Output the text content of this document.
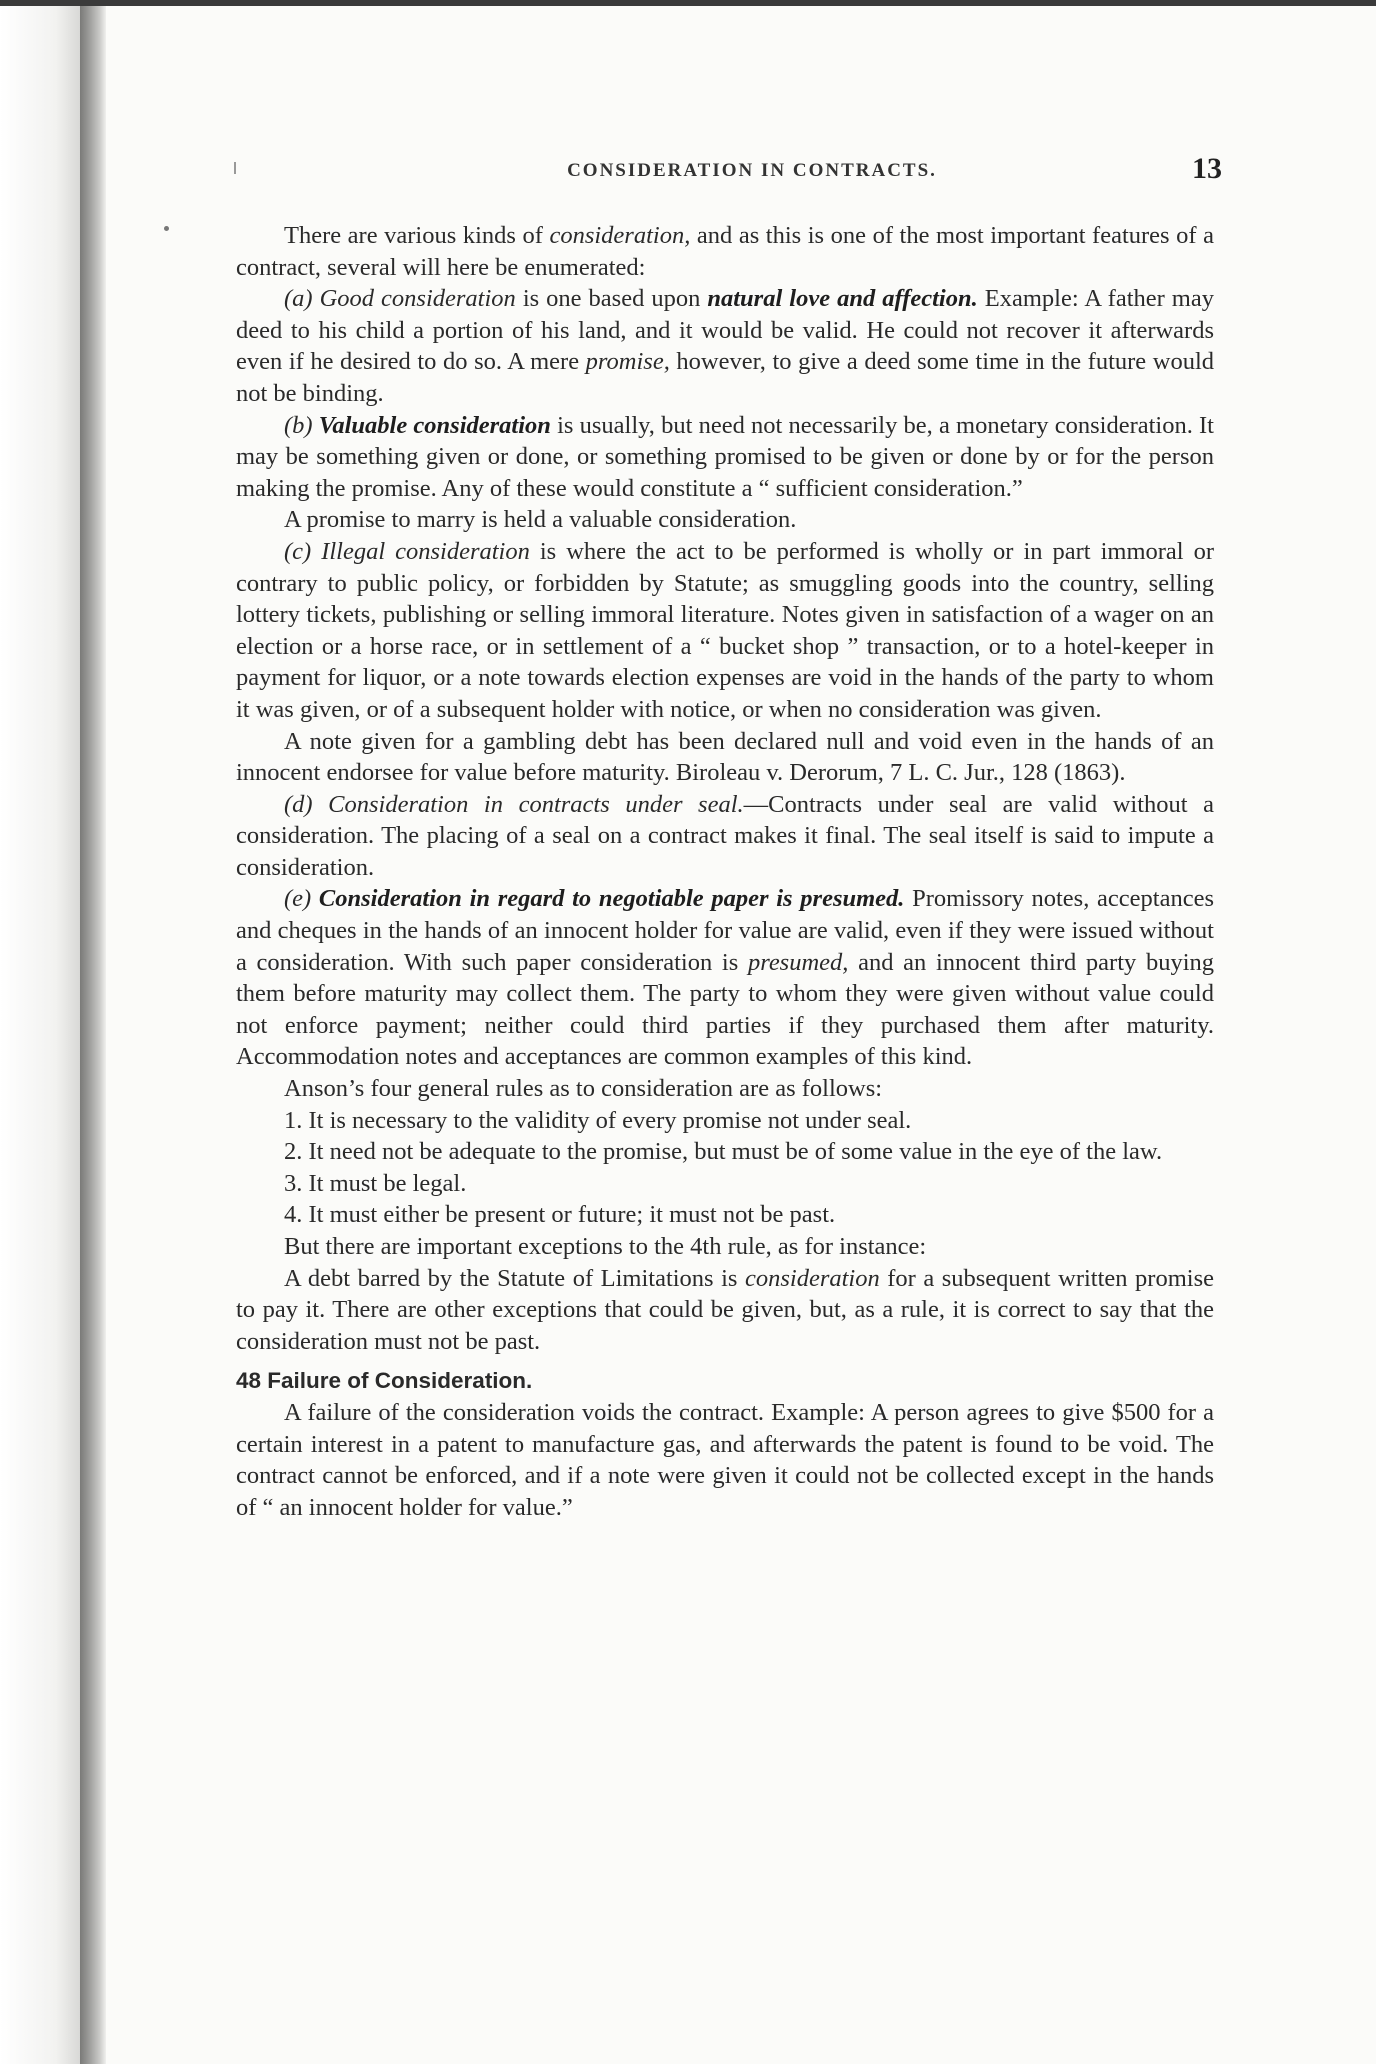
CONSIDERATION IN CONTRACTS.	13

There are various kinds of consideration, and as this is one of the most important features of a contract, several will here be enumerated:

(a) Good consideration is one based upon natural love and affection. Example: A father may deed to his child a portion of his land, and it would be valid. He could not recover it afterwards even if he desired to do so. A mere promise, however, to give a deed some time in the future would not be binding.

(b) Valuable consideration is usually, but need not necessarily be, a monetary consideration. It may be something given or done, or something promised to be given or done by or for the person making the promise. Any of these would constitute a “ sufficient consideration.”

A promise to marry is held a valuable consideration.

(c) Illegal consideration is where the act to be performed is wholly or in part immoral or contrary to public policy, or forbidden by Statute; as smuggling goods into the country, selling lottery tickets, publishing or selling immoral literature. Notes given in satisfaction of a wager on an election or a horse race, or in settlement of a “ bucket shop ” transaction, or to a hotel-keeper in payment for liquor, or a note towards election expenses are void in the hands of the party to whom it was given, or of a subsequent holder with notice, or when no consideration was given.

A note given for a gambling debt has been declared null and void even in the hands of an innocent endorsee for value before maturity. Biroleau v. Derorum, 7 L. C. Jur., 128 (1863).

(d) Consideration in contracts under seal.—Contracts under seal are valid without a consideration. The placing of a seal on a contract makes it final. The seal itself is said to impute a consideration.

(e) Consideration in regard to negotiable paper is presumed. Promissory notes, acceptances and cheques in the hands of an innocent holder for value are valid, even if they were issued without a consideration. With such paper consideration is presumed, and an innocent third party buying them before maturity may collect them. The party to whom they were given without value could not enforce payment; neither could third parties if they purchased them after maturity. Accommodation notes and acceptances are common examples of this kind.

Anson’s four general rules as to consideration are as follows:

1. It is necessary to the validity of every promise not under seal.

2. It need not be adequate to the promise, but must be of some value in the eye of the law.

3. It must be legal.

4. It must either be present or future; it must not be past.

But there are important exceptions to the 4th rule, as for instance:

A debt barred by the Statute of Limitations is consideration for a subsequent written promise to pay it. There are other exceptions that could be given, but, as a rule, it is correct to say that the consideration must not be past.

48 Failure of Consideration.

A failure of the consideration voids the contract. Example: A person agrees to give $500 for a certain interest in a patent to manufacture gas, and afterwards the patent is found to be void. The contract cannot be enforced, and if a note were given it could not be collected except in the hands of “ an innocent holder for value.”
